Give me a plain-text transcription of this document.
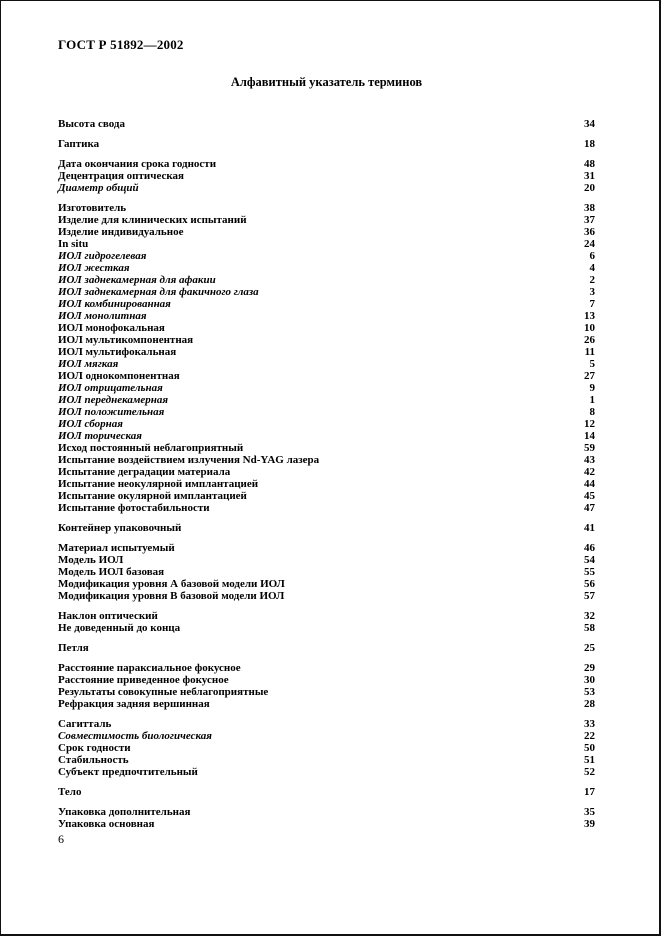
ГОСТ Р 51892—2002
Алфавитный указатель терминов
Высота свода	34
Гаптика	18
Дата окончания срока годности	48
Децентрация оптическая	31
Диаметр общий	20
Изготовитель	38
Изделие для клинических испытаний	37
Изделие индивидуальное	36
In situ	24
ИОЛ гидрогелевая	6
ИОЛ жесткая	4
ИОЛ заднекамерная для афакии	2
ИОЛ заднекамерная для факичного глаза	3
ИОЛ комбинированная	7
ИОЛ монолитная	13
ИОЛ монофокальная	10
ИОЛ мультикомпонентная	26
ИОЛ мультифокальная	11
ИОЛ мягкая	5
ИОЛ однокомпонентная	27
ИОЛ отрицательная	9
ИОЛ переднекамерная	1
ИОЛ положительная	8
ИОЛ сборная	12
ИОЛ торическая	14
Исход постоянный неблагоприятный	59
Испытание воздействием излучения Nd-YAG лазера	43
Испытание деградации материала	42
Испытание неокулярной имплантацией	44
Испытание окулярной имплантацией	45
Испытание фотостабильности	47
Контейнер упаковочный	41
Материал испытуемый	46
Модель ИОЛ	54
Модель ИОЛ базовая	55
Модификация уровня А базовой модели ИОЛ	56
Модификация уровня В базовой модели ИОЛ	57
Наклон оптический	32
Не доведенный до конца	58
Петля	25
Расстояние параксиальное фокусное	29
Расстояние приведенное фокусное	30
Результаты совокупные неблагоприятные	53
Рефракция задняя вершинная	28
Сагитталь	33
Совместимость биологическая	22
Срок годности	50
Стабильность	51
Субъект предпочтительный	52
Тело	17
Упаковка дополнительная	35
Упаковка основная	39
6
